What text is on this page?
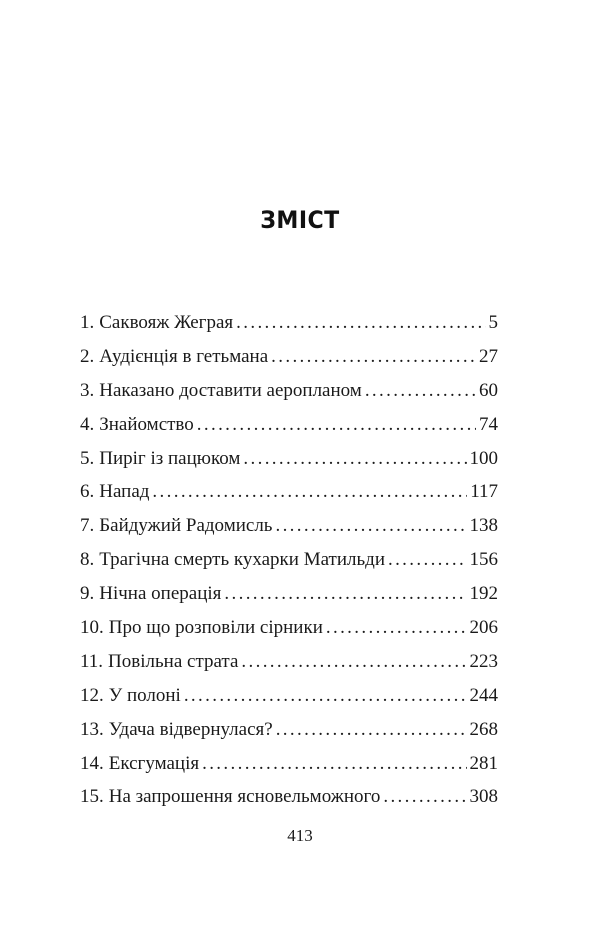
ЗМІСТ
1. Саквояж Жеграя . . .	5
2. Аудієнція в гетьмана . . .	27
3. Наказано доставити аеропланом . . .	60
4. Знайомство . . .	74
5. Пиріг із пацюком . . .	100
6. Напад . . .	117
7. Байдужий Радомисль . . .	138
8. Трагічна смерть кухарки Матильди . . .	156
9. Нічна операція . . .	192
10. Про що розповіли сірники . . .	206
11. Повільна страта . . .	223
12. У полоні . . .	244
13. Удача відвернулася? . . .	268
14. Ексгумація . . .	281
15. На запрошення ясновельможного . . .	308
413
